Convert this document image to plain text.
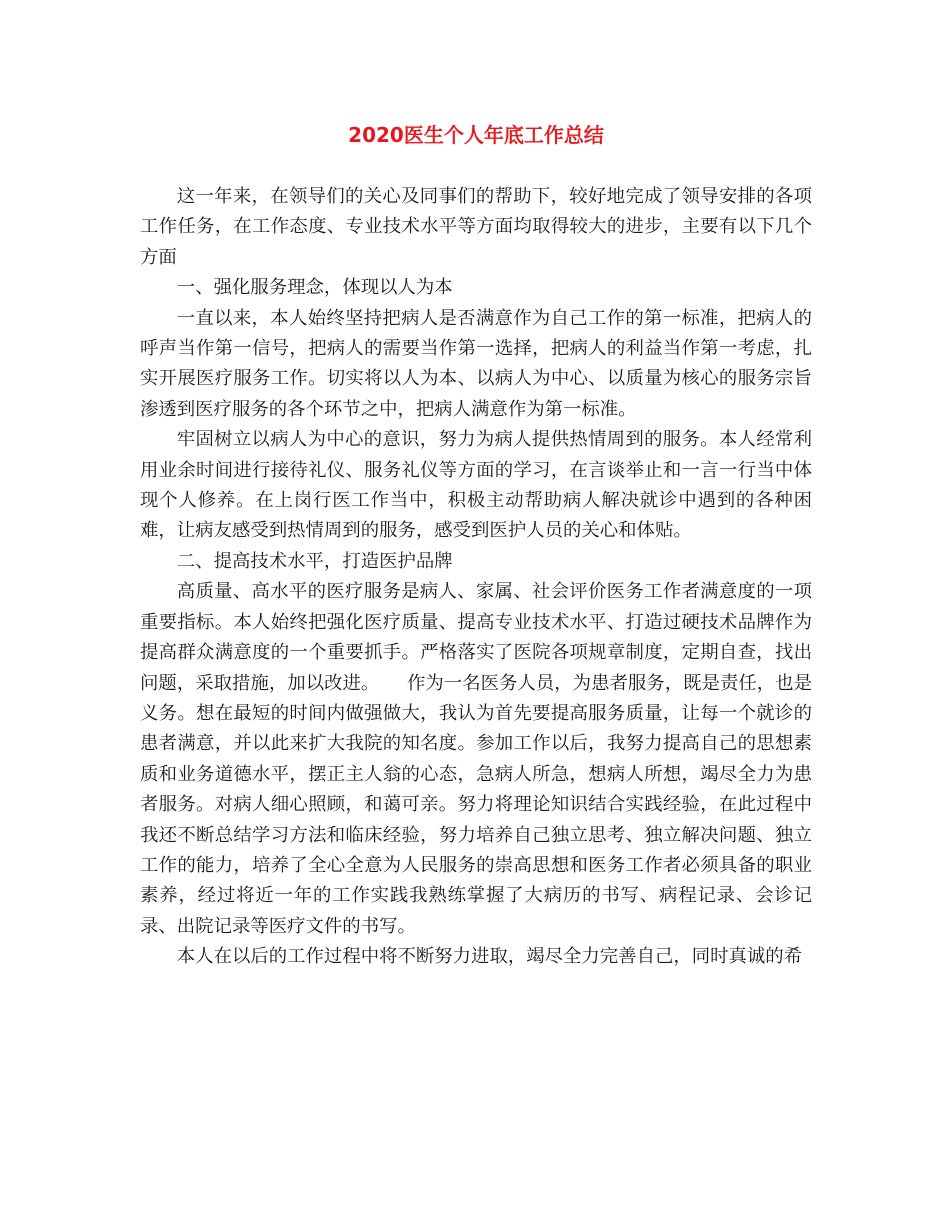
2020医生个人年底工作总结

这一年来，在领导们的关心及同事们的帮助下，较好地完成了领导安排的各项工作任务，在工作态度、专业技术水平等方面均取得较大的进步，主要有以下几个方面

一、强化服务理念，体现以人为本

一直以来，本人始终坚持把病人是否满意作为自己工作的第一标准，把病人的呼声当作第一信号，把病人的需要当作第一选择，把病人的利益当作第一考虑，扎实开展医疗服务工作。切实将以人为本、以病人为中心、以质量为核心的服务宗旨渗透到医疗服务的各个环节之中，把病人满意作为第一标准。

牢固树立以病人为中心的意识，努力为病人提供热情周到的服务。本人经常利用业余时间进行接待礼仪、服务礼仪等方面的学习，在言谈举止和一言一行当中体现个人修养。在上岗行医工作当中，积极主动帮助病人解决就诊中遇到的各种困难，让病友感受到热情周到的服务，感受到医护人员的关心和体贴。

二、提高技术水平，打造医护品牌

高质量、高水平的医疗服务是病人、家属、社会评价医务工作者满意度的一项重要指标。本人始终把强化医疗质量、提高专业技术水平、打造过硬技术品牌作为提高群众满意度的一个重要抓手。严格落实了医院各项规章制度，定期自查，找出问题，采取措施，加以改进。　　作为一名医务人员，为患者服务，既是责任，也是义务。想在最短的时间内做强做大，我认为首先要提高服务质量，让每一个就诊的患者满意，并以此来扩大我院的知名度。参加工作以后，我努力提高自己的思想素质和业务道德水平，摆正主人翁的心态，急病人所急，想病人所想，竭尽全力为患者服务。对病人细心照顾，和蔼可亲。努力将理论知识结合实践经验，在此过程中我还不断总结学习方法和临床经验，努力培养自己独立思考、独立解决问题、独立工作的能力，培养了全心全意为人民服务的崇高思想和医务工作者必须具备的职业素养，经过将近一年的工作实践我熟练掌握了大病历的书写、病程记录、会诊记录、出院记录等医疗文件的书写。

本人在以后的工作过程中将不断努力进取，竭尽全力完善自己，同时真诚的希
